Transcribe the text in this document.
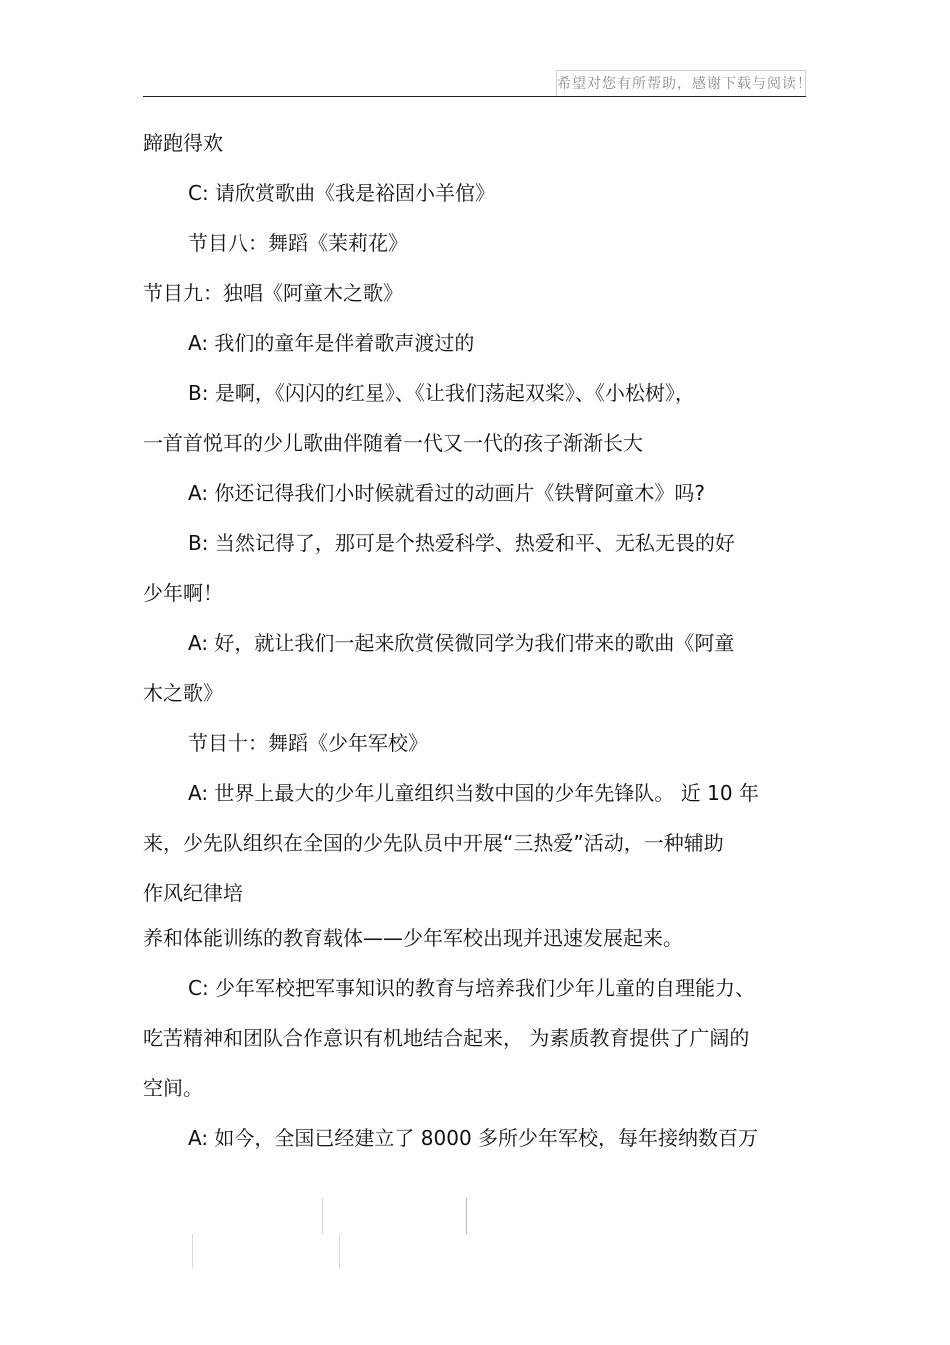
希望对您有所帮助，感谢下载与阅读！
蹄跑得欢
C: 请欣赏歌曲《我是裕固小羊倌》
节目八：舞蹈《茉莉花》
节目九：独唱《阿童木之歌》
A: 我们的童年是伴着歌声渡过的
B: 是啊，《闪闪的红星》、《让我们荡起双桨》、《小松树》，
一首首悦耳的少儿歌曲伴随着一代又一代的孩子渐渐长大
A: 你还记得我们小时候就看过的动画片《铁臂阿童木》吗?
B: 当然记得了，那可是个热爱科学、热爱和平、无私无畏的好
少年啊！
A: 好，就让我们一起来欣赏侯微同学为我们带来的歌曲《阿童
木之歌》
节目十：舞蹈《少年军校》
A: 世界上最大的少年儿童组织当数中国的少年先锋队。 近 10 年
来，少先队组织在全国的少先队员中开展“三热爱”活动，一种辅助
作风纪律培
养和体能训练的教育载体——少年军校出现并迅速发展起来。
C: 少年军校把军事知识的教育与培养我们少年儿童的自理能力、
吃苦精神和团队合作意识有机地结合起来， 为素质教育提供了广阔的
空间。
A: 如今，全国已经建立了 8000 多所少年军校，每年接纳数百万
